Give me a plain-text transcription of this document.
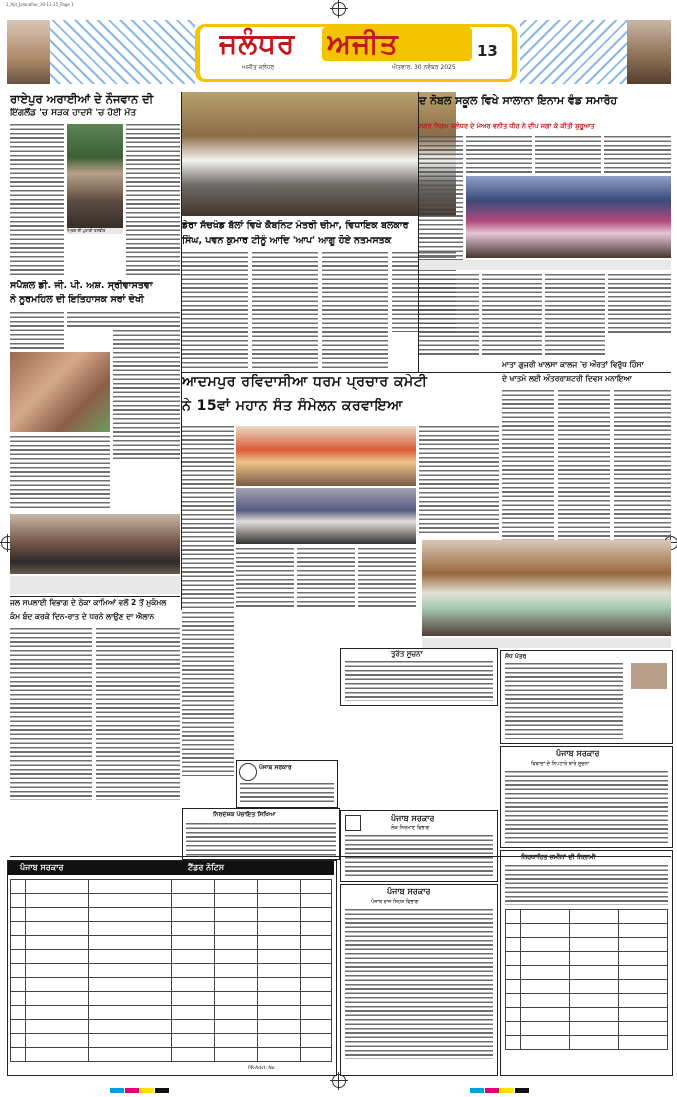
1_Ajit_Jalandhar_30-11-25_Page 1
ਜਲੰਧਰ ਅਜੀਤ
ਅਜੀਤ ਜਲੰਧਰ	ਐਤਵਾਰ, 30 ਨਵੰਬਰ 2025
13
ਰਾਏਪੁਰ ਅਰਾਈਆਂ ਦੇ ਨੌਜਵਾਨ ਦੀ
ਇੰਗਲੈਂਡ 'ਚ ਸੜਕ ਹਾਦਸੇ 'ਚ ਹੋਈ ਮੌਤ
ਮਿ੍ਤਕ ਦੀ ਪੁਰਾਣੀ ਤਸਵੀਰ
ਸਪੈਸ਼ਲ ਡੀ. ਜੀ. ਪੀ. ਅਸ਼. ਸ੍ਰੀਵਾਸਤਵਾ
ਨੇ ਨੂਰਮਹਿਲ ਦੀ ਇਤਿਹਾਸਕ ਸਰਾਂ ਦੇਖੀ
ਡੇਰਾ ਸੱਚਖੰਡ ਬੱਲਾਂ ਵਿਖੇ ਕੈਬਨਿਟ ਮੰਤਰੀ ਚੀਮਾ, ਵਿਧਾਇਕ ਬਲਕਾਰ
ਸਿੰਘ, ਪਵਨ ਕੁਮਾਰ ਟੀਨੂੰ ਆਦਿ 'ਆਪ' ਆਗੂ ਹੋਏ ਨਤਮਸਤਕ
ਦ ਨੋਬਲ ਸਕੂਲ ਵਿਖੇ ਸਾਲਾਨਾ ਇਨਾਮ ਵੰਡ ਸਮਾਰੋਹ
ਨਗਰ ਨਿਗਮ ਜਲੰਧਰ ਦੇ ਮੇਅਰ ਵਨੀਤ ਧੀਰ ਨੇ ਦੀਪ ਜਗਾ ਕੇ ਕੀਤੀ ਸ਼ੁਰੂਆਤ
ਆਦਮਪੁਰ ਰਵਿਦਾਸੀਆ ਧਰਮ ਪ੍ਰਚਾਰ ਕਮੇਟੀ
ਨੇ 15ਵਾਂ ਮਹਾਨ ਸੰਤ ਸੰਮੇਲਨ ਕਰਵਾਇਆ
ਮਾਤਾ ਗੁਜਰੀ ਖਾਲਸਾ ਕਾਲਜ 'ਚ ਔਰਤਾਂ ਵਿਰੁੱਧ ਹਿੰਸਾ
ਦੇ ਖਾਤਮੇ ਲਈ ਅੰਤਰਰਾਸ਼ਟਰੀ ਦਿਵਸ ਮਨਾਇਆ
ਜਲ ਸਪਲਾਈ ਵਿਭਾਗ ਦੇ ਠੇਕਾ ਕਾਮਿਆਂ ਵਲੋਂ 2 ਤੋਂ ਮੁਕੰਮਲ
ਕੰਮ ਬੰਦ ਕਰਕੇ ਦਿਨ-ਰਾਤ ਦੇ ਧਰਨੇ ਲਾਉਣ ਦਾ ਐਲਾਨ
ਤੁਰੰਤ ਸੂਚਨਾ
ਪੰਜਾਬ ਸਰਕਾਰ
ਨਿਰਦੇਸ਼ਕ ਪੰਚਾਇਤ ਸਿਖਿਆ	ਪੰਜਾਬ ਸਰਕਾਰ
ਲੋਕ ਨਿਰਮਾਣ ਵਿਭਾਗ
ਪੰਜਾਬ ਸਰਕਾਰ	ਟੈਂਡਰ ਨੋਟਿਸ

PR-Advt. No.
ਪੰਜਾਬ ਸਰਕਾਰ
ਪੰਜਾਬ ਰਾਜ ਸਿਹਤ ਵਿਭਾਗ
ਸੋਧ ਪੱਤਰ
ਪੰਜਾਬ ਸਰਕਾਰ
ਵਿਵਾਦਾਂ ਦੇ ਨਿਪਟਾਰੇ ਬਾਰੇ ਸੂਚਨਾ
ਨਿਰਧਾਰਿਤ ਜ਼ਮੀਨਾਂ ਦੀ ਨਿਲਾਮੀ
